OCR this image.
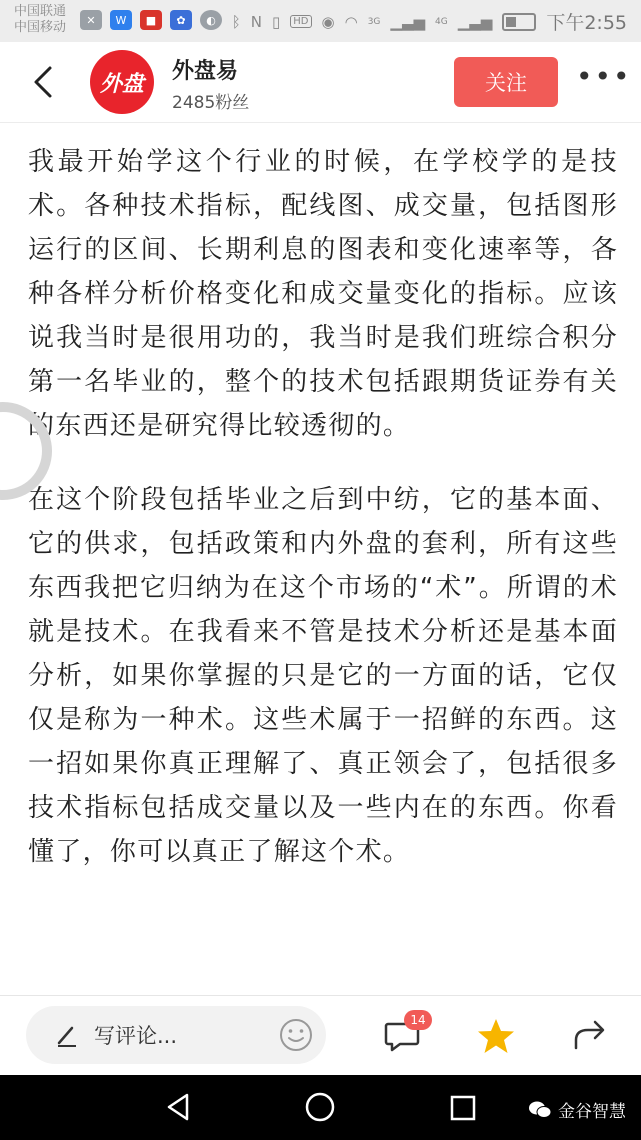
中国联通
中国移动	✕	W	■	✿	◐	ᛒ N ▯	HD ◉ ◠ 3G ▁▃▅ 4G ▁▃▅	下午2:55
外盘 外盘易
2485粉丝
关注	•••

我最开始学这个行业的时候，在学校学的是技术。各种技术指标，配线图、成交量，包括图形运行的区间、长期利息的图表和变化速率等，各种各样分析价格变化和成交量变化的指标。应该说我当时是很用功的，我当时是我们班综合积分第一名毕业的，整个的技术包括跟期货证券有关的东西还是研究得比较透彻的。

在这个阶段包括毕业之后到中纺，它的基本面、它的供求，包括政策和内外盘的套利，所有这些东西我把它归纳为在这个市场的“术”。所谓的术就是技术。在我看来不管是技术分析还是基本面分析，如果你掌握的只是它的一方面的话，它仅仅是称为一种术。这些术属于一招鲜的东西。这一招如果你真正理解了、真正领会了，包括很多技术指标包括成交量以及一些内在的东西。你看懂了，你可以真正了解这个术。

写评论...
14
金谷智慧
